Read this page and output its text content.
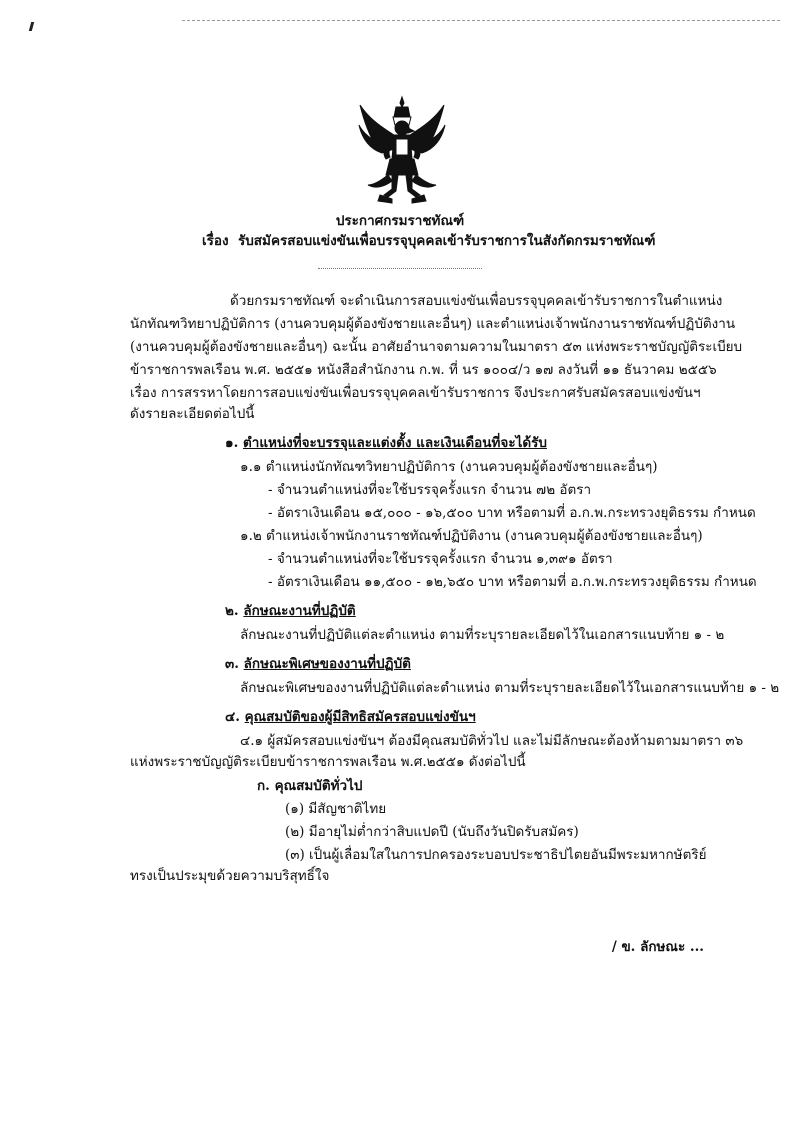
ประกาศกรมราชทัณฑ์
เรื่อง รับสมัครสอบแข่งขันเพื่อบรรจุบุคคลเข้ารับราชการในสังกัดกรมราชทัณฑ์
ด้วยกรมราชทัณฑ์ จะดำเนินการสอบแข่งขันเพื่อบรรจุบุคคลเข้ารับราชการในตำแหน่ง
นักทัณฑวิทยาปฏิบัติการ (งานควบคุมผู้ต้องขังชายและอื่นๆ) และตำแหน่งเจ้าพนักงานราชทัณฑ์ปฏิบัติงาน
(งานควบคุมผู้ต้องขังชายและอื่นๆ) ฉะนั้น อาศัยอำนาจตามความในมาตรา ๕๓ แห่งพระราชบัญญัติระเบียบ
ข้าราชการพลเรือน พ.ศ. ๒๕๕๑ หนังสือสำนักงาน ก.พ. ที่ นร ๑๐๐๔/ว ๑๗ ลงวันที่ ๑๑ ธันวาคม ๒๕๕๖
เรื่อง การสรรหาโดยการสอบแข่งขันเพื่อบรรจุบุคคลเข้ารับราชการ จึงประกาศรับสมัครสอบแข่งขันฯ
ดังรายละเอียดต่อไปนี้
๑. ตำแหน่งที่จะบรรจุและแต่งตั้ง และเงินเดือนที่จะได้รับ
๑.๑ ตำแหน่งนักทัณฑวิทยาปฏิบัติการ (งานควบคุมผู้ต้องขังชายและอื่นๆ)
- จำนวนตำแหน่งที่จะใช้บรรจุครั้งแรก จำนวน ๗๒ อัตรา
- อัตราเงินเดือน ๑๕,๐๐๐ - ๑๖,๕๐๐ บาท หรือตามที่ อ.ก.พ.กระทรวงยุติธรรม กำหนด
๑.๒ ตำแหน่งเจ้าพนักงานราชทัณฑ์ปฏิบัติงาน (งานควบคุมผู้ต้องขังชายและอื่นๆ)
- จำนวนตำแหน่งที่จะใช้บรรจุครั้งแรก จำนวน ๑,๓๙๑ อัตรา
- อัตราเงินเดือน ๑๑,๕๐๐ - ๑๒,๖๕๐ บาท หรือตามที่ อ.ก.พ.กระทรวงยุติธรรม กำหนด
๒. ลักษณะงานที่ปฏิบัติ
ลักษณะงานที่ปฏิบัติแต่ละตำแหน่ง ตามที่ระบุรายละเอียดไว้ในเอกสารแนบท้าย ๑ - ๒
๓. ลักษณะพิเศษของงานที่ปฏิบัติ
ลักษณะพิเศษของงานที่ปฏิบัติแต่ละตำแหน่ง ตามที่ระบุรายละเอียดไว้ในเอกสารแนบท้าย ๑ - ๒
๔. คุณสมบัติของผู้มีสิทธิสมัครสอบแข่งขันฯ
๔.๑ ผู้สมัครสอบแข่งขันฯ ต้องมีคุณสมบัติทั่วไป และไม่มีลักษณะต้องห้ามตามมาตรา ๓๖
แห่งพระราชบัญญัติระเบียบข้าราชการพลเรือน พ.ศ.๒๕๕๑ ดังต่อไปนี้
ก. คุณสมบัติทั่วไป
(๑) มีสัญชาติไทย
(๒) มีอายุไม่ต่ำกว่าสิบแปดปี (นับถึงวันปิดรับสมัคร)
(๓) เป็นผู้เลื่อมใสในการปกครองระบอบประชาธิปไตยอันมีพระมหากษัตริย์
ทรงเป็นประมุขด้วยความบริสุทธิ์ใจ
/ ข. ลักษณะ ...
